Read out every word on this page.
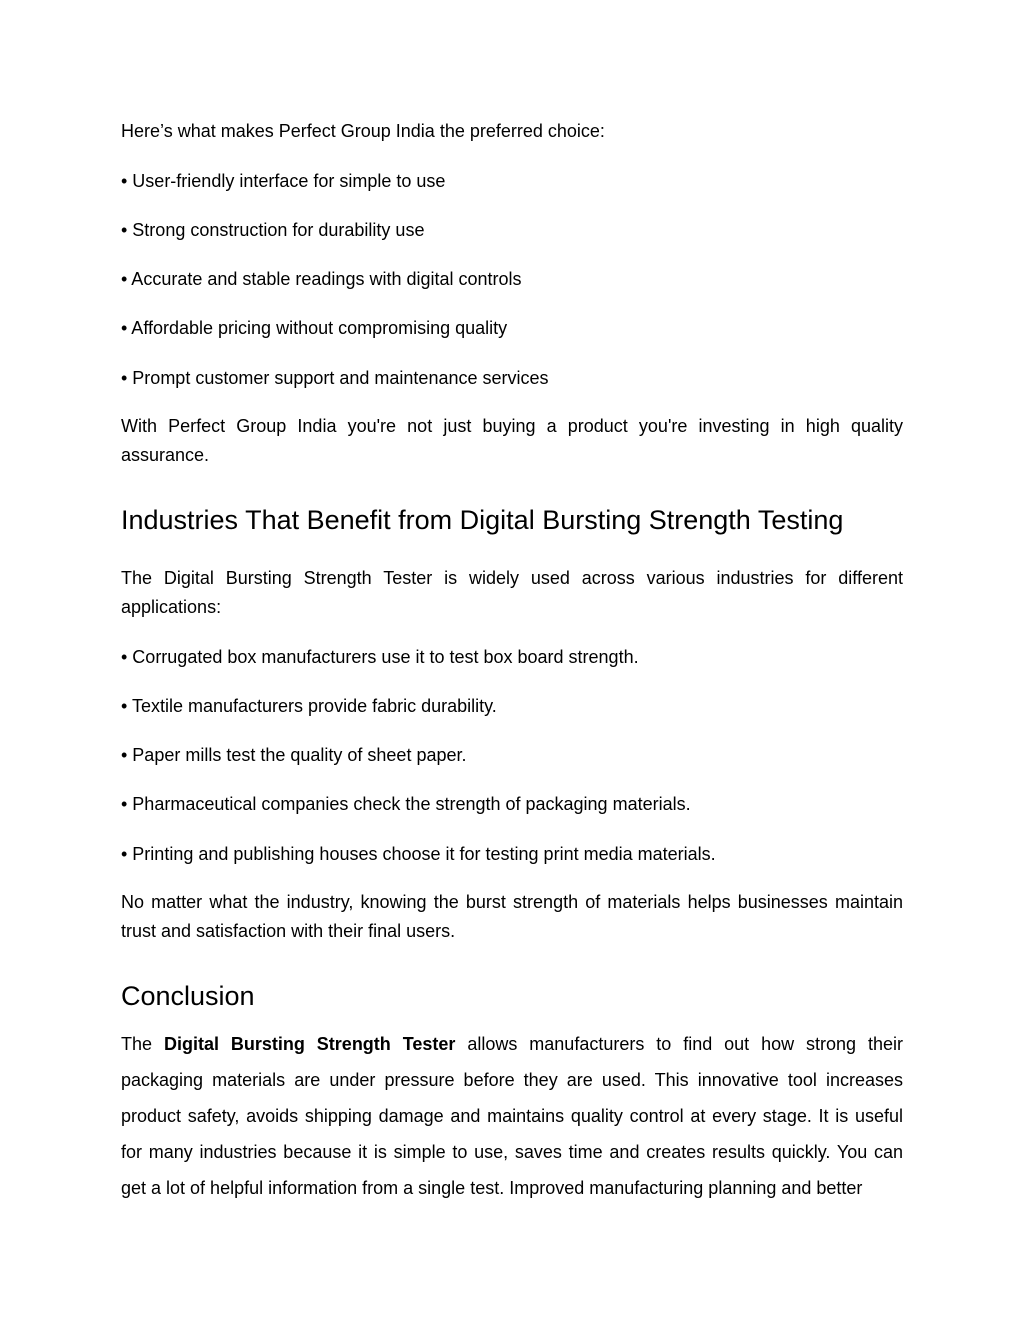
Here’s what makes Perfect Group India the preferred choice:

• User-friendly interface for simple to use

• Strong construction for durability use

• Accurate and stable readings with digital controls

• Affordable pricing without compromising quality

• Prompt customer support and maintenance services

With Perfect Group India you're not just buying a product you're investing in high quality assurance.

Industries That Benefit from Digital Bursting Strength Testing

The Digital Bursting Strength Tester is widely used across various industries for different applications:

• Corrugated box manufacturers use it to test box board strength.

• Textile manufacturers provide fabric durability.

• Paper mills test the quality of sheet paper.

• Pharmaceutical companies check the strength of packaging materials.

• Printing and publishing houses choose it for testing print media materials.

No matter what the industry, knowing the burst strength of materials helps businesses maintain trust and satisfaction with their final users.

Conclusion

The Digital Bursting Strength Tester allows manufacturers to find out how strong their packaging materials are under pressure before they are used. This innovative tool increases product safety, avoids shipping damage and maintains quality control at every stage. It is useful for many industries because it is simple to use, saves time and creates results quickly. You can get a lot of helpful information from a single test. Improved manufacturing planning and better
